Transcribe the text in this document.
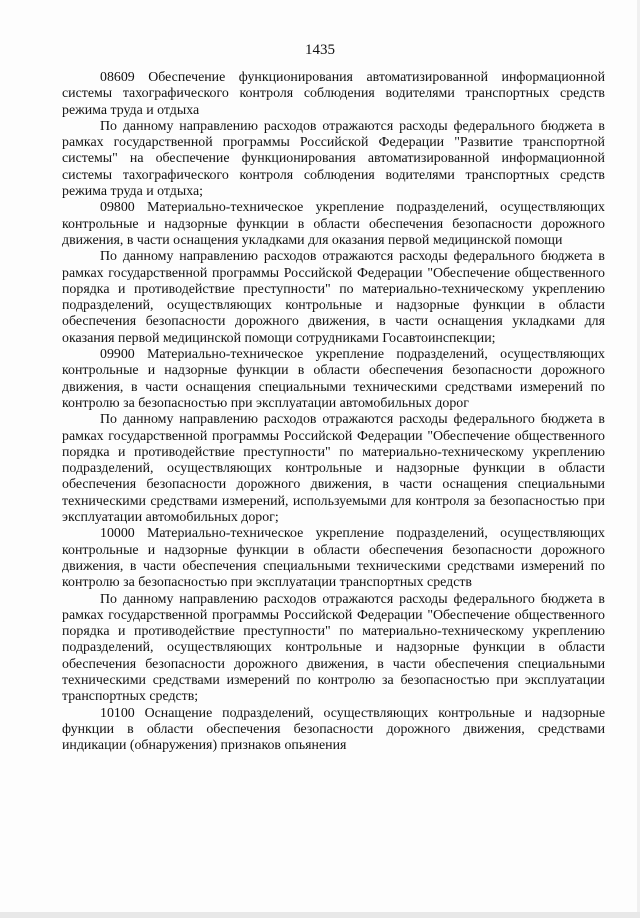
1435

08609 Обеспечение функционирования автоматизированной информационной системы тахографического контроля соблюдения водителями транспортных средств режима труда и отдыха

По данному направлению расходов отражаются расходы федерального бюджета в рамках государственной программы Российской Федерации "Развитие транспортной системы" на обеспечение функционирования автоматизированной информационной системы тахографического контроля соблюдения водителями транспортных средств режима труда и отдыха;

09800 Материально-техническое укрепление подразделений, осуществляющих контрольные и надзорные функции в области обеспечения безопасности дорожного движения, в части оснащения укладками для оказания первой медицинской помощи

По данному направлению расходов отражаются расходы федерального бюджета в рамках государственной программы Российской Федерации "Обеспечение общественного порядка и противодействие преступности" по материально-техническому укреплению подразделений, осуществляющих контрольные и надзорные функции в области обеспечения безопасности дорожного движения, в части оснащения укладками для оказания первой медицинской помощи сотрудниками Госавтоинспекции;

09900 Материально-техническое укрепление подразделений, осуществляющих контрольные и надзорные функции в области обеспечения безопасности дорожного движения, в части оснащения специальными техническими средствами измерений по контролю за безопасностью при эксплуатации автомобильных дорог

По данному направлению расходов отражаются расходы федерального бюджета в рамках государственной программы Российской Федерации "Обеспечение общественного порядка и противодействие преступности" по материально-техническому укреплению подразделений, осуществляющих контрольные и надзорные функции в области обеспечения безопасности дорожного движения, в части оснащения специальными техническими средствами измерений, используемыми для контроля за безопасностью при эксплуатации автомобильных дорог;

10000 Материально-техническое укрепление подразделений, осуществляющих контрольные и надзорные функции в области обеспечения безопасности дорожного движения, в части обеспечения специальными техническими средствами измерений по контролю за безопасностью при эксплуатации транспортных средств

По данному направлению расходов отражаются расходы федерального бюджета в рамках государственной программы Российской Федерации "Обеспечение общественного порядка и противодействие преступности" по материально-техническому укреплению подразделений, осуществляющих контрольные и надзорные функции в области обеспечения безопасности дорожного движения, в части обеспечения специальными техническими средствами измерений по контролю за безопасностью при эксплуатации транспортных средств;

10100 Оснащение подразделений, осуществляющих контрольные и надзорные функции в области обеспечения безопасности дорожного движения, средствами индикации (обнаружения) признаков опьянения
